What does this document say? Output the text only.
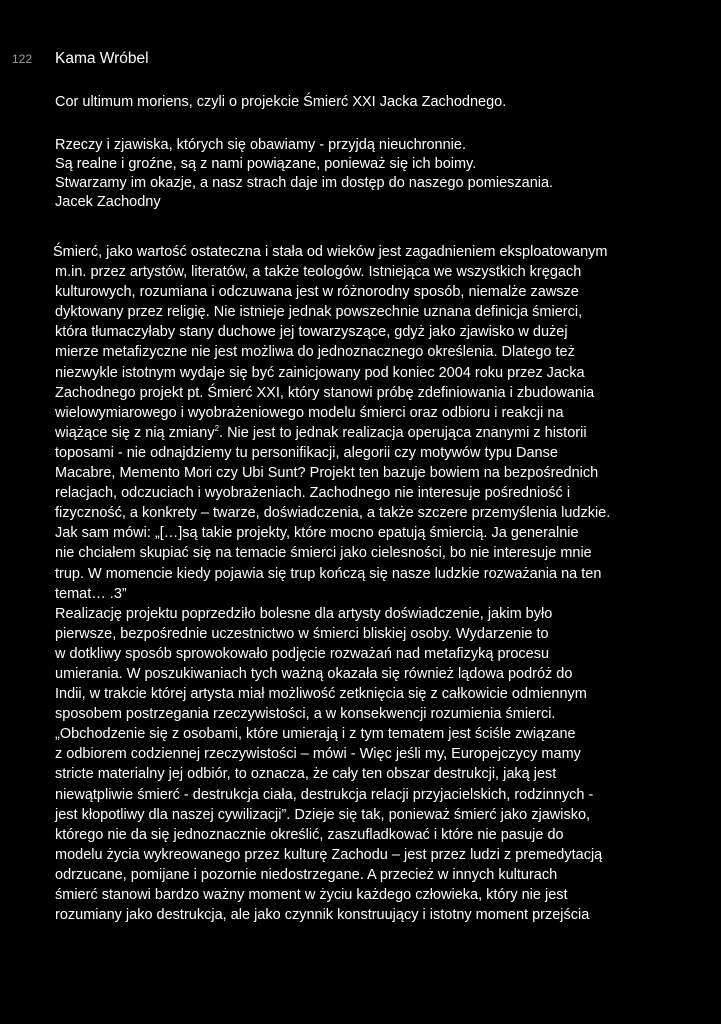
122 Kama Wróbel
Cor ultimum moriens, czyli o projekcie Śmierć XXI Jacka Zachodnego.
Rzeczy i zjawiska, których się obawiamy - przyjdą nieuchronnie.
Są realne i groźne, są z nami powiązane, ponieważ się ich boimy.
Stwarzamy im okazje, a nasz strach daje im dostęp do naszego pomieszania.
Jacek Zachodny
Śmierć, jako wartość ostateczna i stała od wieków jest zagadnieniem eksploatowanym
m.in. przez artystów, literatów, a także teologów. Istniejąca we wszystkich kręgach
kulturowych, rozumiana i odczuwana jest w różnorodny sposób, niemalże zawsze
dyktowany przez religię. Nie istnieje jednak powszechnie uznana definicja śmierci,
która tłumaczyłaby stany duchowe jej towarzyszące, gdyż jako zjawisko w dużej
mierze metafizyczne nie jest możliwa do jednoznacznego określenia. Dlatego też
niezwykle istotnym wydaje się być zainicjowany pod koniec 2004 roku przez Jacka
Zachodnego projekt pt. Śmierć XXI, który stanowi próbę zdefiniowania i zbudowania
wielowymiarowego i wyobrażeniowego modelu śmierci oraz odbioru i reakcji na
wiążące się z nią zmiany$^2$. Nie jest to jednak realizacja operująca znanymi z historii
toposami - nie odnajdziemy tu personifikacji, alegorii czy motywów typu Danse
Macabre, Memento Mori czy Ubi Sunt? Projekt ten bazuje bowiem na bezpośrednich
relacjach, odczuciach i wyobrażeniach. Zachodnego nie interesuje pośredniość i
fizyczność, a konkrety – twarze, doświadczenia, a także szczere przemyślenia ludzkie.
Jak sam mówi: „[…]są takie projekty, które mocno epatują śmiercią. Ja generalnie
nie chciałem skupiać się na temacie śmierci jako cielesności, bo nie interesuje mnie
trup. W momencie kiedy pojawia się trup kończą się nasze ludzkie rozważania na ten
temat… .3”
Realizację projektu poprzedziło bolesne dla artysty doświadczenie, jakim było
pierwsze, bezpośrednie uczestnictwo w śmierci bliskiej osoby. Wydarzenie to
w dotkliwy sposób sprowokowało podjęcie rozważań nad metafizyką procesu
umierania. W poszukiwaniach tych ważną okazała się również lądowa podróż do
Indii, w trakcie której artysta miał możliwość zetknięcia się z całkowicie odmiennym
sposobem postrzegania rzeczywistości, a w konsekwencji rozumienia śmierci.
„Obchodzenie się z osobami, które umierają i z tym tematem jest ściśle związane
z odbiorem codziennej rzeczywistości – mówi - Więc jeśli my, Europejczycy mamy
stricte materialny jej odbiór, to oznacza, że cały ten obszar destrukcji, jaką jest
niewątpliwie śmierć - destrukcja ciała, destrukcja relacji przyjacielskich, rodzinnych -
jest kłopotliwy dla naszej cywilizacji”. Dzieje się tak, ponieważ śmierć jako zjawisko,
którego nie da się jednoznacznie określić, zaszufladkować i które nie pasuje do
modelu życia wykreowanego przez kulturę Zachodu – jest przez ludzi z premedytacją
odrzucane, pomijane i pozornie niedostrzegane. A przecież w innych kulturach
śmierć stanowi bardzo ważny moment w życiu każdego człowieka, który nie jest
rozumiany jako destrukcja, ale jako czynnik konstruujący i istotny moment przejścia
